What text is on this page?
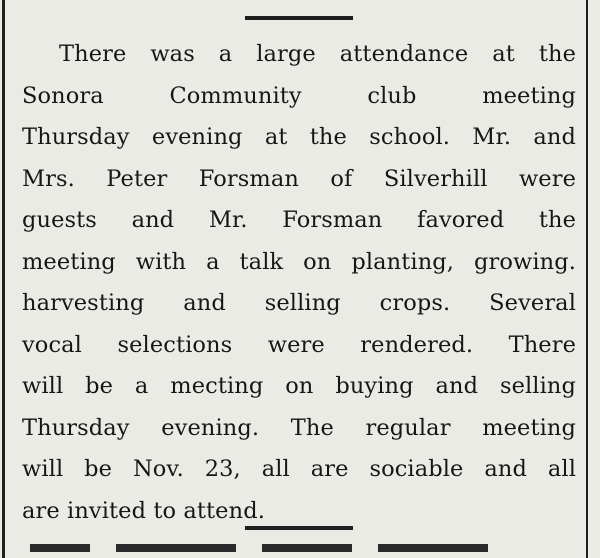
There was a large attendance at the
Sonora Community club meeting
Thursday evening at the school. Mr. and
Mrs. Peter Forsman of Silverhill were
guests and Mr. Forsman favored the
meeting with a talk on planting, growing.
harvesting and selling crops. Several
vocal selections were rendered. There
will be a mecting on buying and selling
Thursday evening. The regular meeting
will be Nov. 23, all are sociable and all
are invited to attend.
